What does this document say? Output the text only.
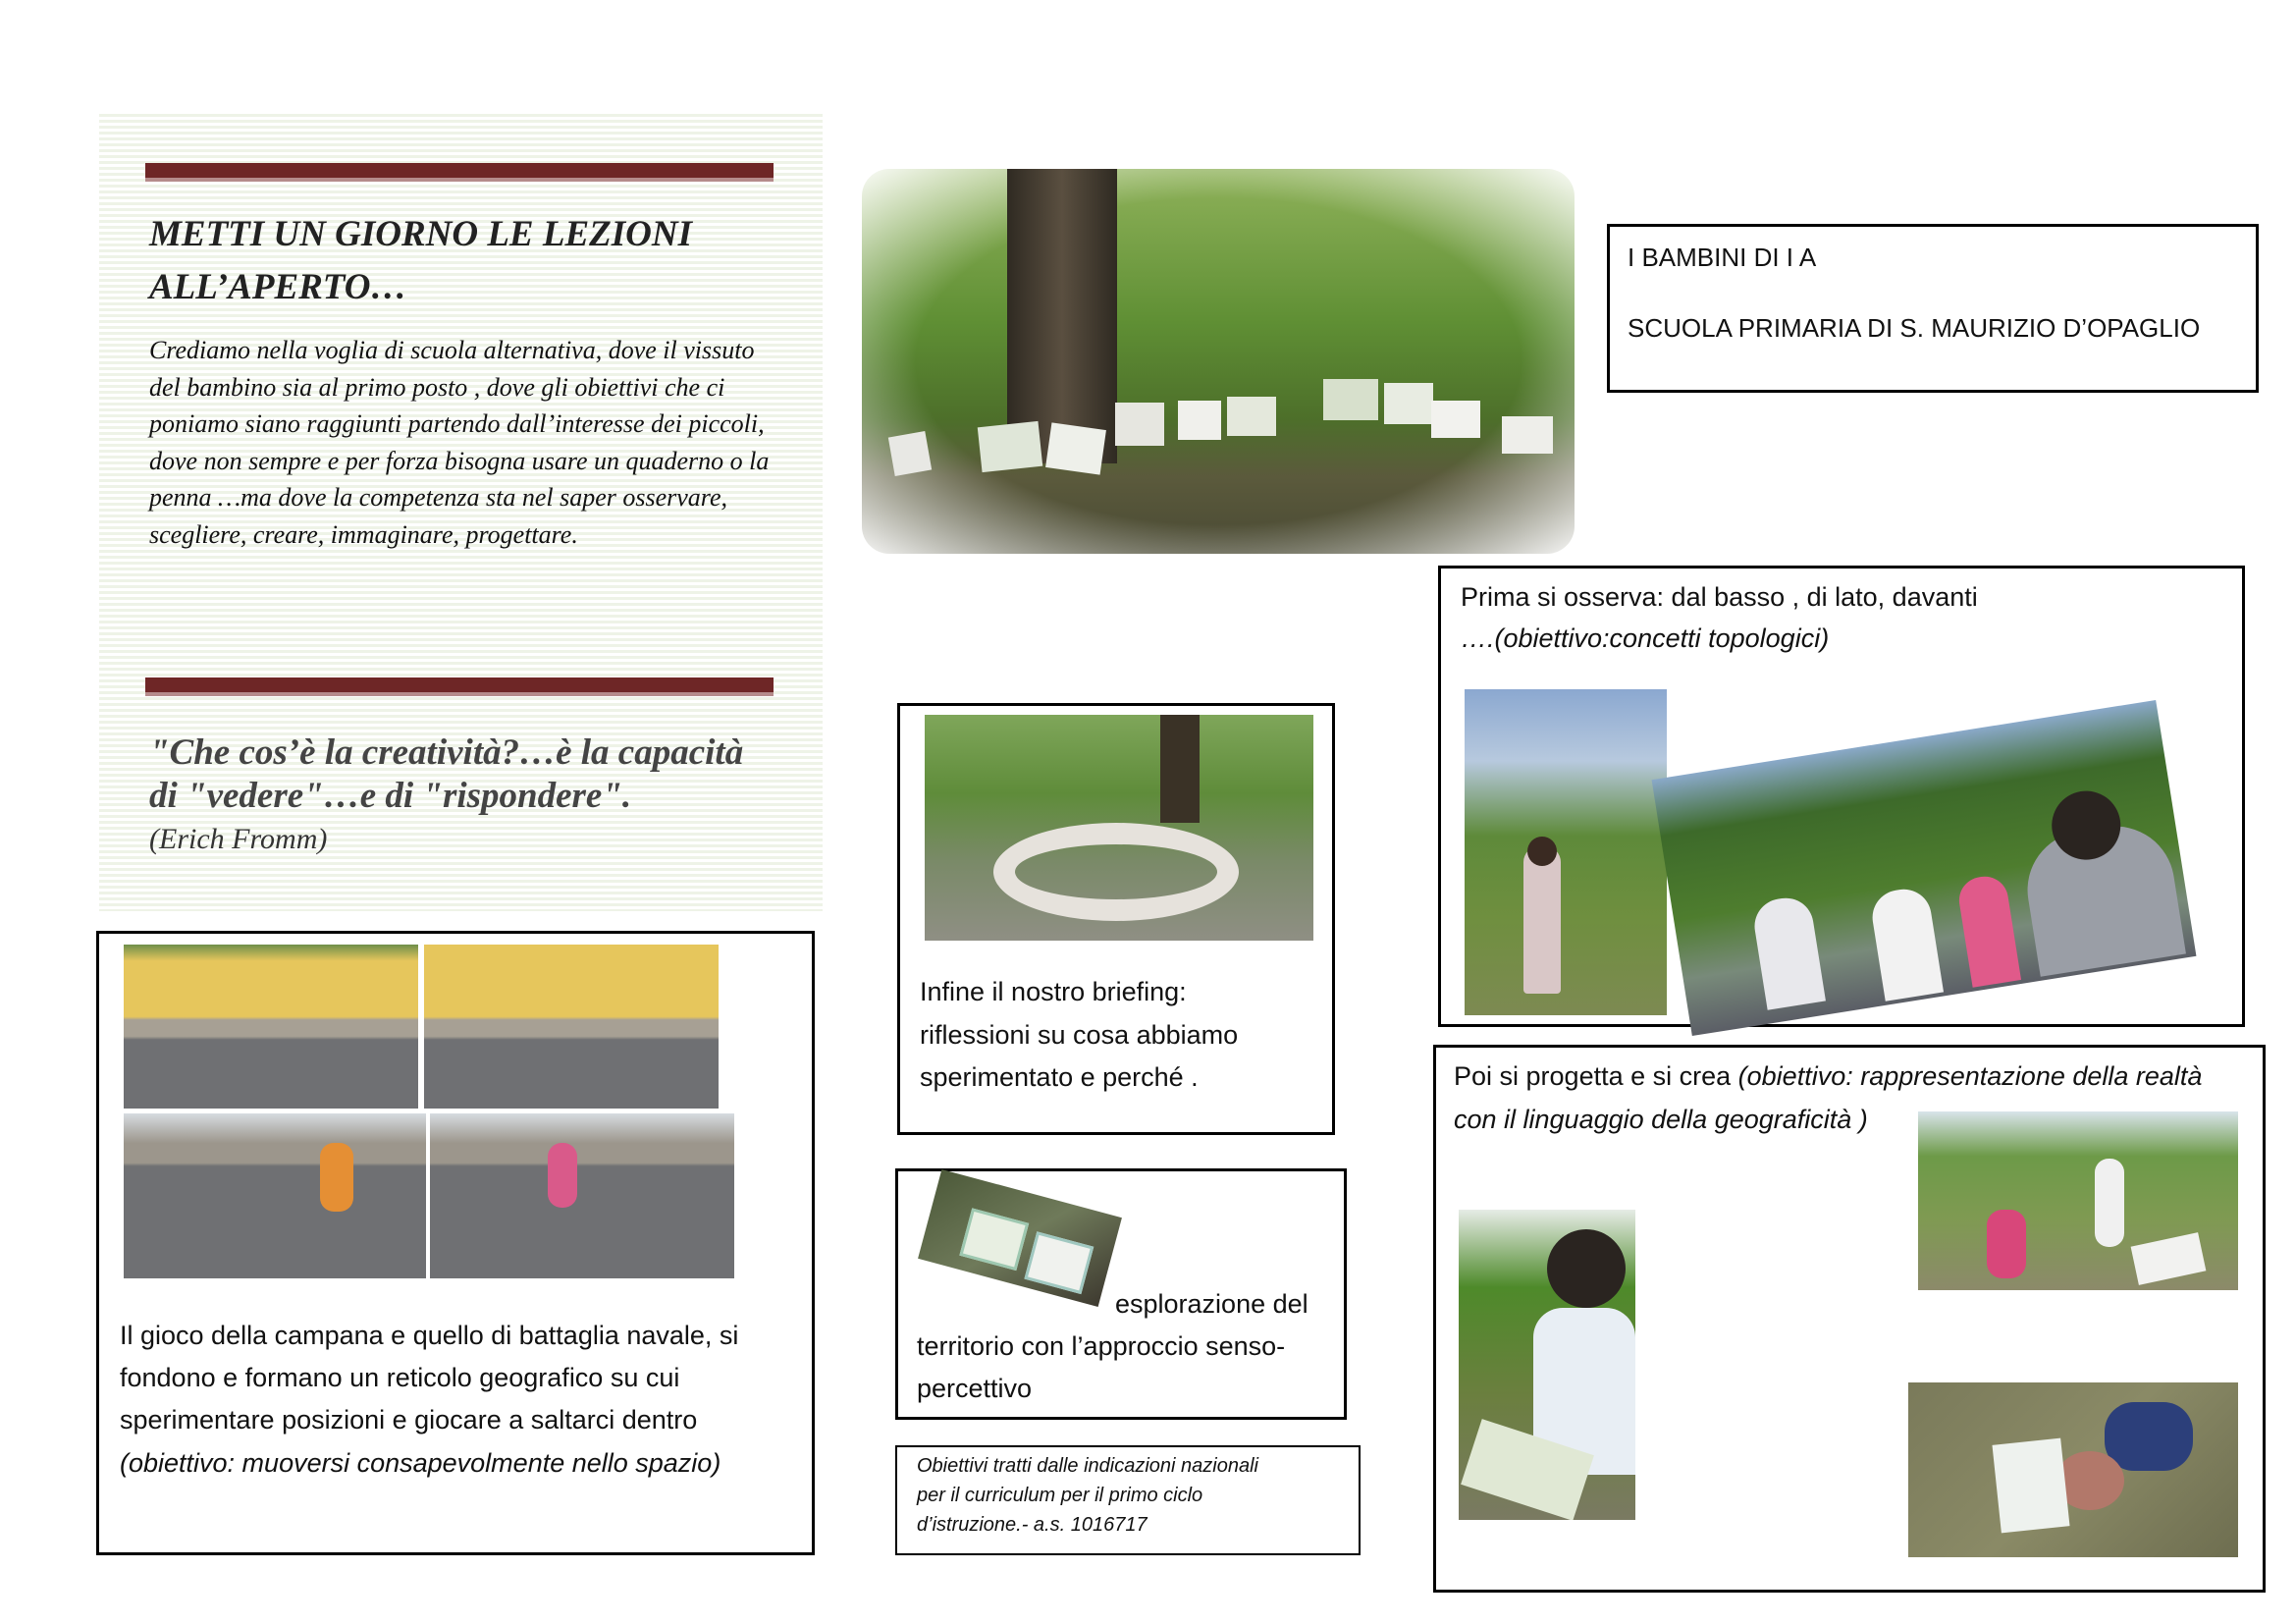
METTI UN GIORNO LE LEZIONI
ALL’APERTO…
Crediamo nella voglia di scuola alternativa, dove il vissuto del bambino sia al primo posto , dove gli obiettivi che ci poniamo siano raggiunti partendo dall’interesse dei piccoli, dove non sempre e per forza bisogna usare un quaderno o la penna …ma dove la competenza sta nel saper osservare, scegliere, creare, immaginare, progettare.
"Che cos’è la creatività?…è la capacità
di "vedere"…e di "rispondere".
(Erich Fromm)
I BAMBINI DI I A
SCUOLA PRIMARIA DI S. MAURIZIO D’OPAGLIO
Prima si osserva: dal basso , di lato, davanti
….(obiettivo:concetti topologici)
Infine il nostro briefing:
riflessioni su cosa abbiamo
sperimentato e perché .
Il gioco della campana e quello di battaglia navale, si
fondono e formano un reticolo geografico su cui
sperimentare posizioni e giocare a saltarci dentro
(obiettivo: muoversi consapevolmente nello spazio)
esplorazione del
territorio con l’approccio senso-
percettivo
Obiettivi tratti dalle indicazioni nazionali
per il curriculum per il primo ciclo
d’istruzione.- a.s. 1016717
Poi si progetta e si crea (obiettivo: rappresentazione della realtà
con il linguaggio della geograficità )
